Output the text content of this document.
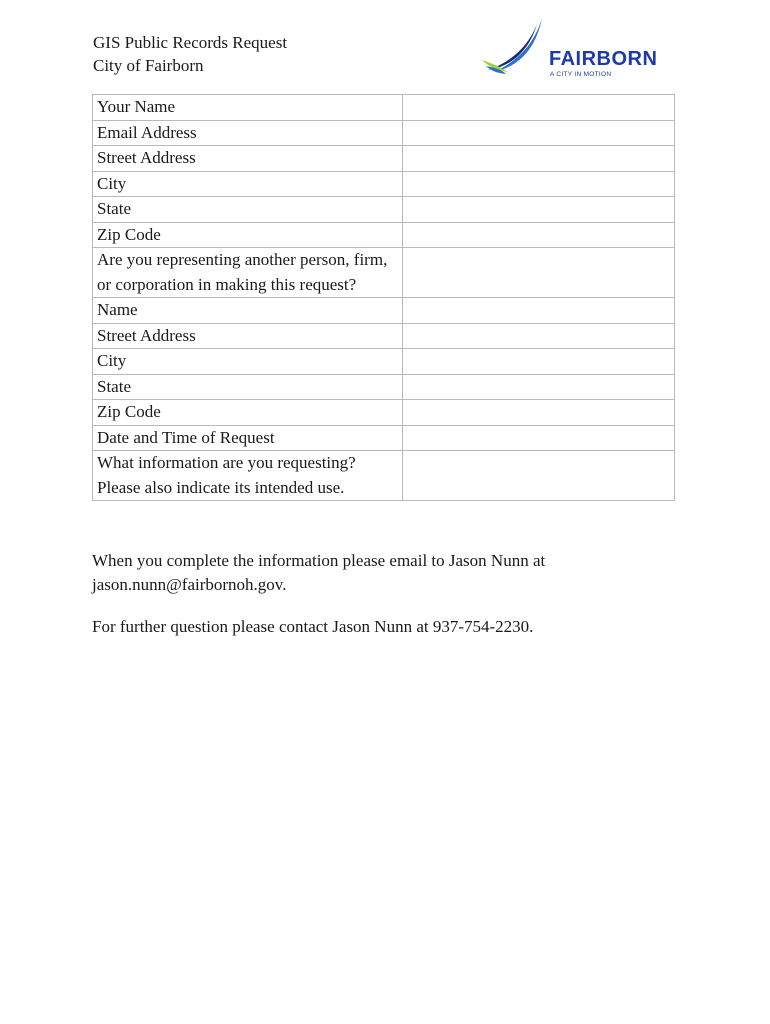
GIS Public Records Request
City of Fairborn	FAIRBORN
A CITY IN MOTION
Your Name	
Email Address	
Street Address	
City	
State	
Zip Code	
Are you representing another person, firm, or corporation in making this request?	
Name	
Street Address	
City	
State	
Zip Code	
Date and Time of Request	
What information are you requesting? Please also indicate its intended use.	
When you complete the information please email to Jason Nunn at jason.nunn@fairbornoh.gov.
For further question please contact Jason Nunn at 937-754-2230.
